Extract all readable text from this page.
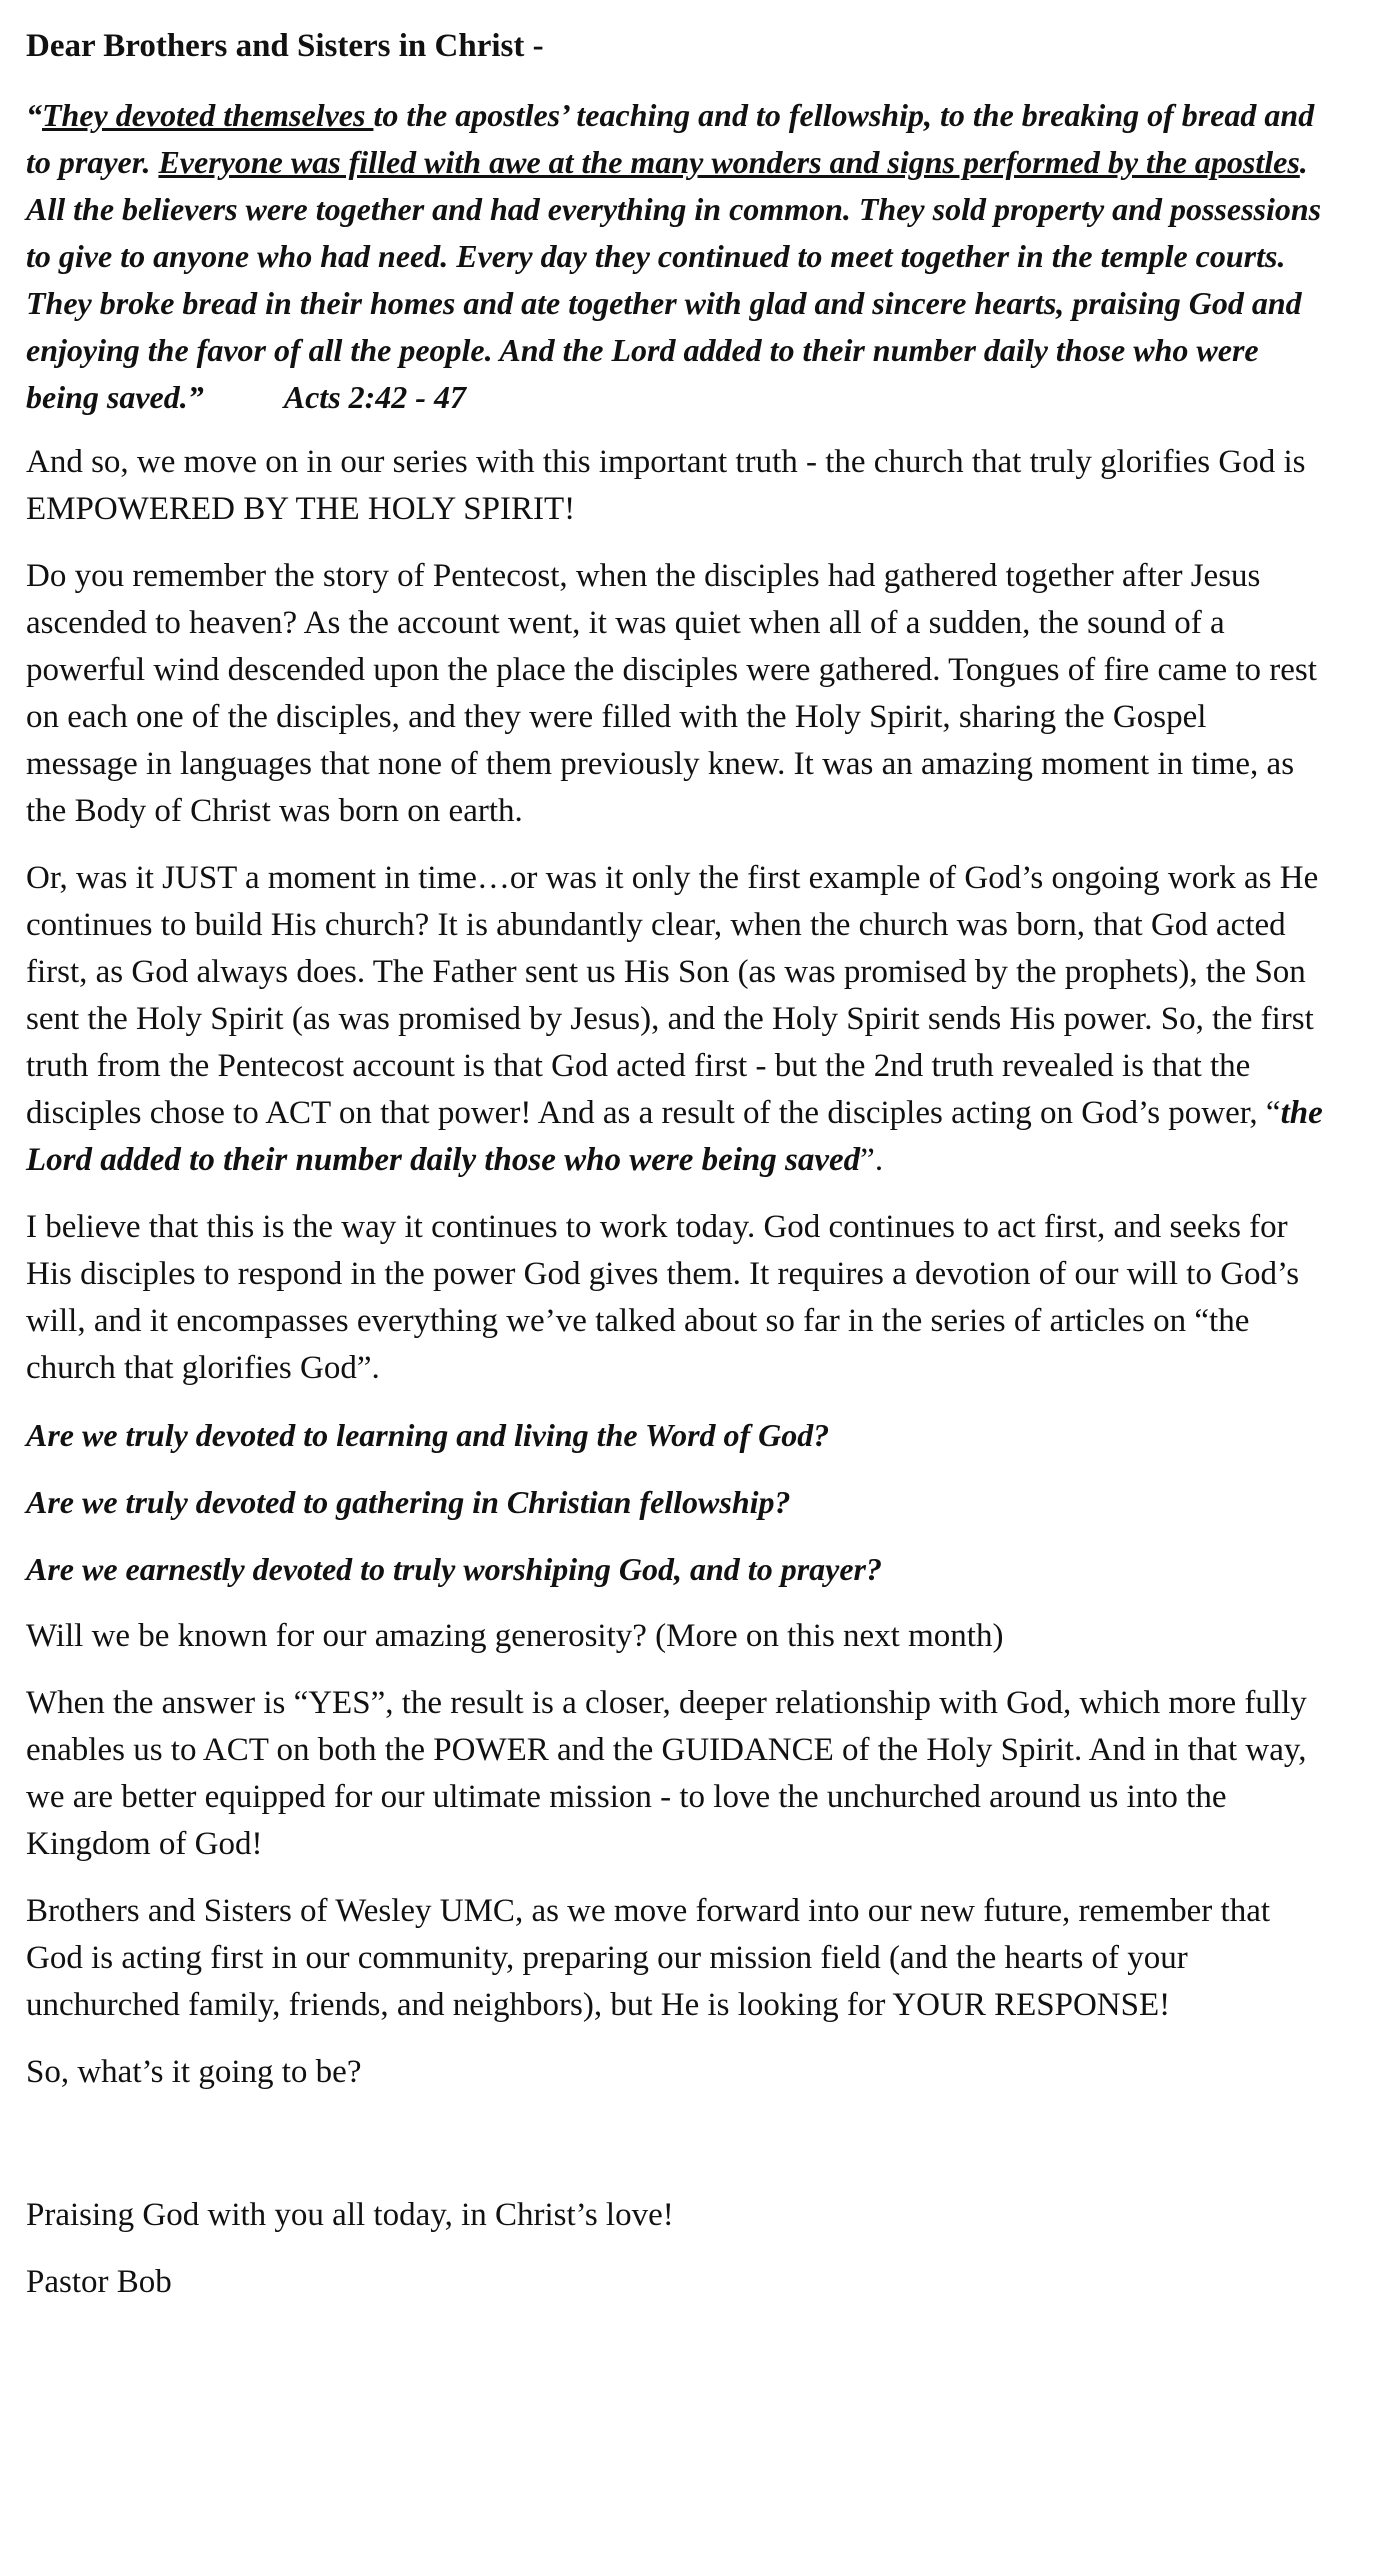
Dear Brothers and Sisters in Christ -
“They devoted themselves to the apostles’ teaching and to fellowship, to the breaking of bread and to prayer. Everyone was filled with awe at the many wonders and signs performed by the apostles. All the believers were together and had everything in common. They sold property and possessions to give to anyone who had need. Every day they continued to meet together in the temple courts. They broke bread in their homes and ate together with glad and sincere hearts, praising God and enjoying the favor of all the people. And the Lord added to their number daily those who were being saved.”	Acts 2:42 - 47

And so, we move on in our series with this important truth - the church that truly glorifies God is EMPOWERED BY THE HOLY SPIRIT!

Do you remember the story of Pentecost, when the disciples had gathered together after Jesus ascended to heaven? As the account went, it was quiet when all of a sudden, the sound of a powerful wind descended upon the place the disciples were gathered. Tongues of fire came to rest on each one of the disciples, and they were filled with the Holy Spirit, sharing the Gospel message in languages that none of them previously knew. It was an amazing moment in time, as the Body of Christ was born on earth.

Or, was it JUST a moment in time…or was it only the first example of God’s ongoing work as He continues to build His church? It is abundantly clear, when the church was born, that God acted first, as God always does. The Father sent us His Son (as was promised by the prophets), the Son sent the Holy Spirit (as was promised by Jesus), and the Holy Spirit sends His power. So, the first truth from the Pentecost account is that God acted first - but the 2nd truth revealed is that the disciples chose to ACT on that power! And as a result of the disciples acting on God’s power, “the Lord added to their number daily those who were being saved”.

I believe that this is the way it continues to work today. God continues to act first, and seeks for His disciples to respond in the power God gives them. It requires a devotion of our will to God’s will, and it encompasses everything we’ve talked about so far in the series of articles on “the church that glorifies God”.

Are we truly devoted to learning and living the Word of God?

Are we truly devoted to gathering in Christian fellowship?

Are we earnestly devoted to truly worshiping God, and to prayer?

Will we be known for our amazing generosity? (More on this next month)

When the answer is “YES”, the result is a closer, deeper relationship with God, which more fully enables us to ACT on both the POWER and the GUIDANCE of the Holy Spirit. And in that way, we are better equipped for our ultimate mission - to love the unchurched around us into the Kingdom of God!

Brothers and Sisters of Wesley UMC, as we move forward into our new future, remember that God is acting first in our community, preparing our mission field (and the hearts of your unchurched family, friends, and neighbors), but He is looking for YOUR RESPONSE!

So, what’s it going to be?

Praising God with you all today, in Christ’s love!

Pastor Bob
